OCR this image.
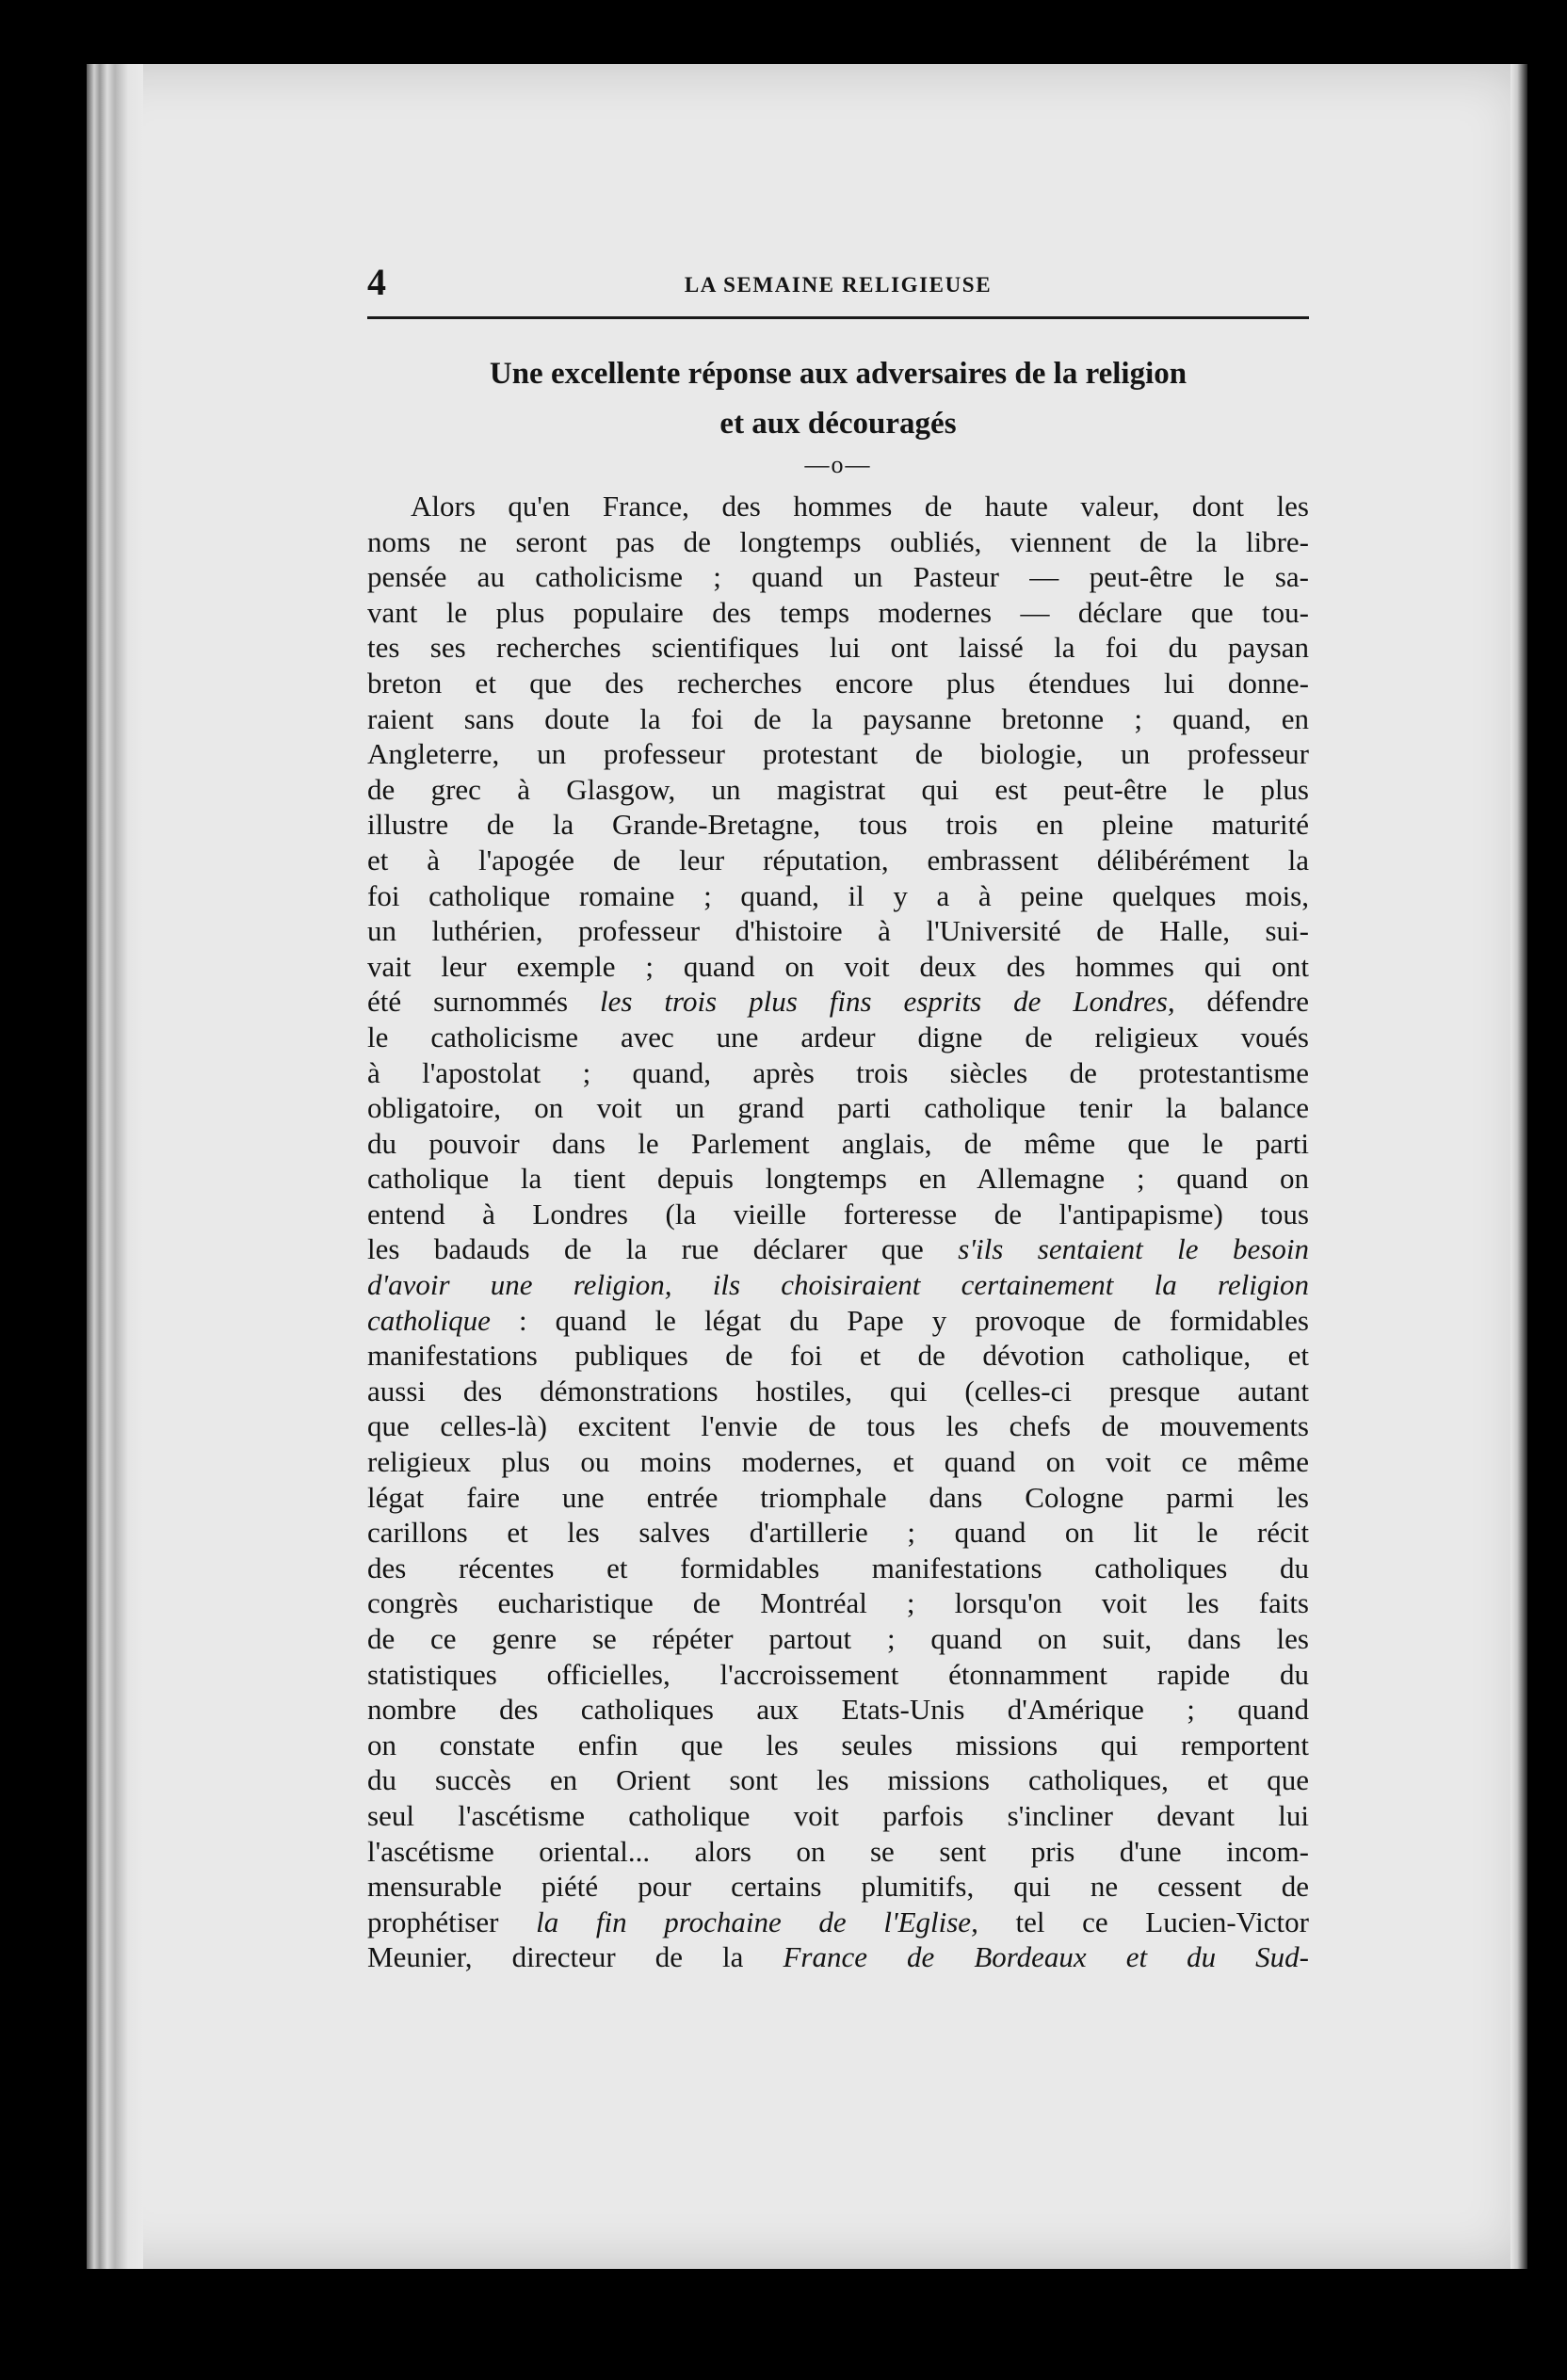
4	LA SEMAINE RELIGIEUSE
Une excellente réponse aux adversaires de la religion
et aux découragés
—o—
Alors qu'en France, des hommes de haute valeur, dont les
noms ne seront pas de longtemps oubliés, viennent de la libre-
pensée au catholicisme ; quand un Pasteur — peut-être le sa-
vant le plus populaire des temps modernes — déclare que tou-
tes ses recherches scientifiques lui ont laissé la foi du paysan
breton et que des recherches encore plus étendues lui donne-
raient sans doute la foi de la paysanne bretonne ; quand, en
Angleterre, un professeur protestant de biologie, un professeur
de grec à Glasgow, un magistrat qui est peut-être le plus
illustre de la Grande-Bretagne, tous trois en pleine maturité
et à l'apogée de leur réputation, embrassent délibérément la
foi catholique romaine ; quand, il y a à peine quelques mois,
un luthérien, professeur d'histoire à l'Université de Halle, sui-
vait leur exemple ; quand on voit deux des hommes qui ont
été surnommés les trois plus fins esprits de Londres, défendre
le catholicisme avec une ardeur digne de religieux voués
à l'apostolat ; quand, après trois siècles de protestantisme
obligatoire, on voit un grand parti catholique tenir la balance
du pouvoir dans le Parlement anglais, de même que le parti
catholique la tient depuis longtemps en Allemagne ; quand on
entend à Londres (la vieille forteresse de l'antipapisme) tous
les badauds de la rue déclarer que s'ils sentaient le besoin
d'avoir une religion, ils choisiraient certainement la religion
catholique : quand le légat du Pape y provoque de formidables
manifestations publiques de foi et de dévotion catholique, et
aussi des démonstrations hostiles, qui (celles-ci presque autant
que celles-là) excitent l'envie de tous les chefs de mouvements
religieux plus ou moins modernes, et quand on voit ce même
légat faire une entrée triomphale dans Cologne parmi les
carillons et les salves d'artillerie ; quand on lit le récit
des récentes et formidables manifestations catholiques du
congrès eucharistique de Montréal ; lorsqu'on voit les faits
de ce genre se répéter partout ; quand on suit, dans les
statistiques officielles, l'accroissement étonnamment rapide du
nombre des catholiques aux Etats-Unis d'Amérique ; quand
on constate enfin que les seules missions qui remportent
du succès en Orient sont les missions catholiques, et que
seul l'ascétisme catholique voit parfois s'incliner devant lui
l'ascétisme oriental... alors on se sent pris d'une incom-
mensurable piété pour certains plumitifs, qui ne cessent de
prophétiser la fin prochaine de l'Eglise, tel ce Lucien-Victor
Meunier, directeur de la France de Bordeaux et du Sud-
